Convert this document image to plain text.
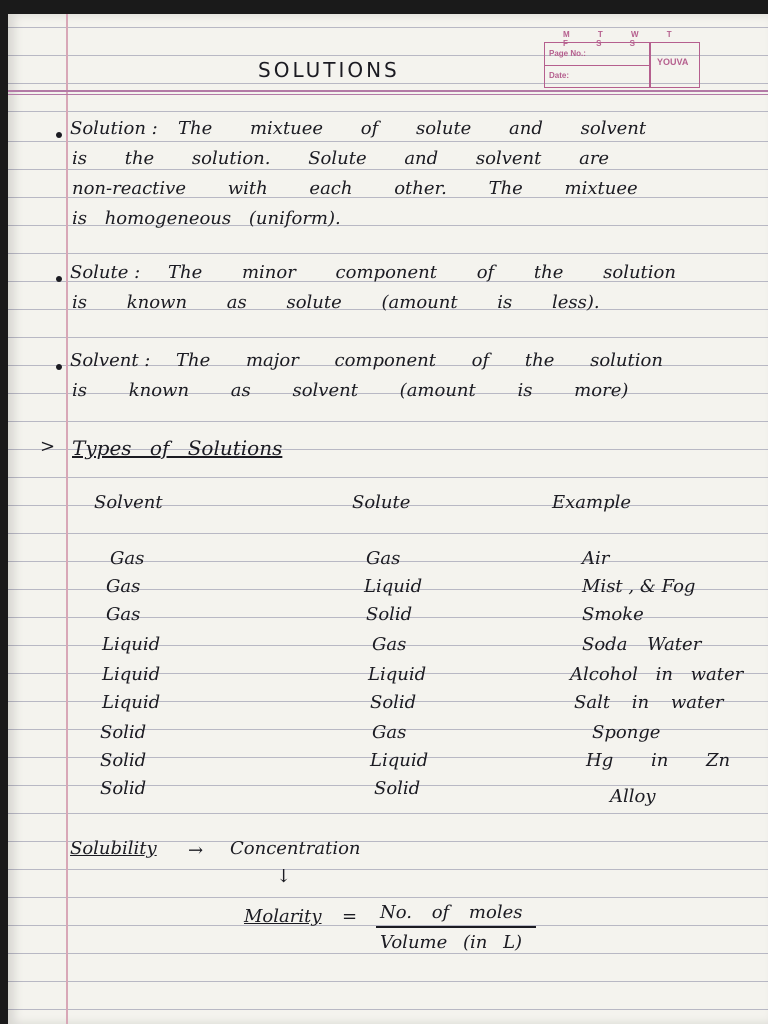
M T W T F S S
Page No.:
Date:
YOUVA
SOLUTIONS
Solution : The mixtuee of solute and solvent
is the solution. Solute and solvent are
non-reactive with each other. The mixtuee
is homogeneous (uniform).
Solute : The minor component of the solution
is known as solute (amount is less).
Solvent : The major component of the solution
is known as solvent (amount is more)
> Types of Solutions
Solvent	Solute	Example
Gas	Gas	Air
Gas	Liquid	Mist , & Fog
Gas	Solid	Smoke
Liquid	Gas	Soda Water
Liquid	Liquid	Alcohol in water
Liquid	Solid	Salt in water
Solid	Gas	Sponge
Solid	Liquid	Hg in Zn
Solid	Solid	Alloy
Solubility → Concentration
↓
Molarity = No. of moles
Volume (in L)
